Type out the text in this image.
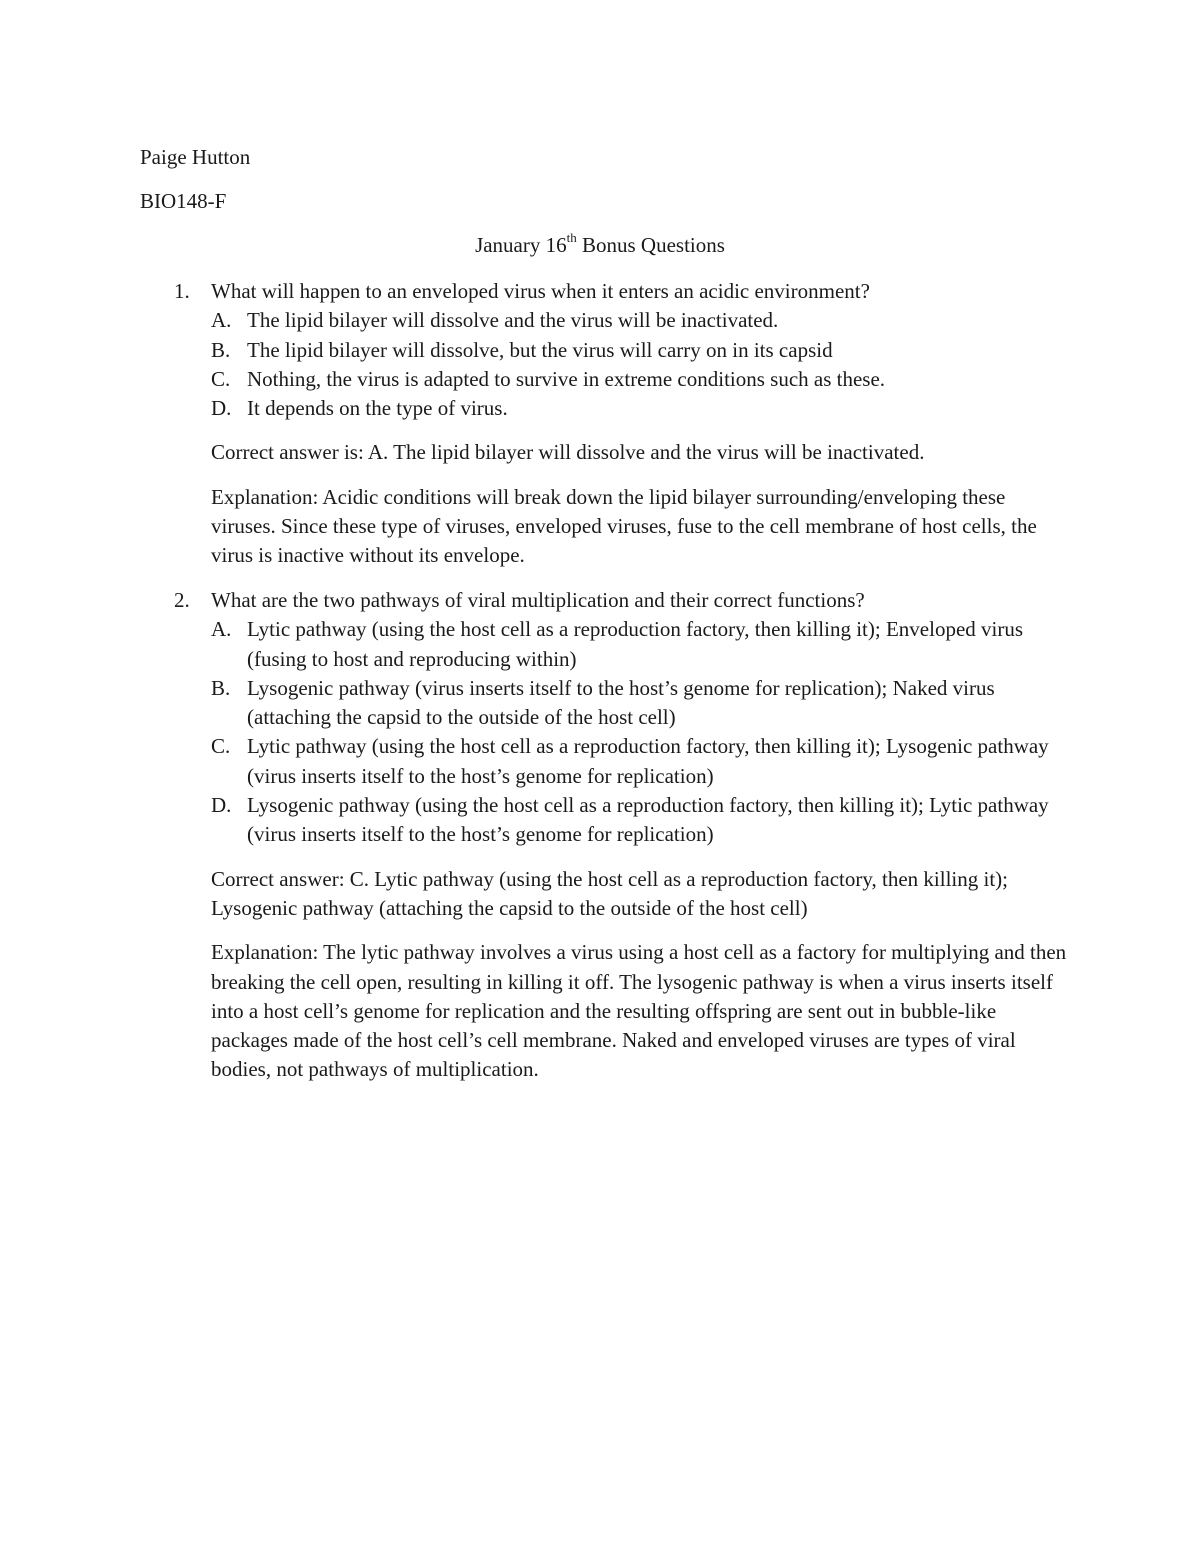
Paige Hutton
BIO148-F
January 16th Bonus Questions
1.	What will happen to an enveloped virus when it enters an acidic environment?
A. The lipid bilayer will dissolve and the virus will be inactivated.
B. The lipid bilayer will dissolve, but the virus will carry on in its capsid
C. Nothing, the virus is adapted to survive in extreme conditions such as these.
D. It depends on the type of virus.

Correct answer is: A. The lipid bilayer will dissolve and the virus will be inactivated.

Explanation: Acidic conditions will break down the lipid bilayer surrounding/enveloping these viruses. Since these type of viruses, enveloped viruses, fuse to the cell membrane of host cells, the virus is inactive without its envelope.

2.	What are the two pathways of viral multiplication and their correct functions?
A. Lytic pathway (using the host cell as a reproduction factory, then killing it); Enveloped virus (fusing to host and reproducing within)
B. Lysogenic pathway (virus inserts itself to the host’s genome for replication); Naked virus (attaching the capsid to the outside of the host cell)
C. Lytic pathway (using the host cell as a reproduction factory, then killing it); Lysogenic pathway (virus inserts itself to the host’s genome for replication)
D. Lysogenic pathway (using the host cell as a reproduction factory, then killing it); Lytic pathway (virus inserts itself to the host’s genome for replication)

Correct answer: C. Lytic pathway (using the host cell as a reproduction factory, then killing it); Lysogenic pathway (attaching the capsid to the outside of the host cell)

Explanation: The lytic pathway involves a virus using a host cell as a factory for multiplying and then breaking the cell open, resulting in killing it off. The lysogenic pathway is when a virus inserts itself into a host cell’s genome for replication and the resulting offspring are sent out in bubble-like packages made of the host cell’s cell membrane. Naked and enveloped viruses are types of viral bodies, not pathways of multiplication.
